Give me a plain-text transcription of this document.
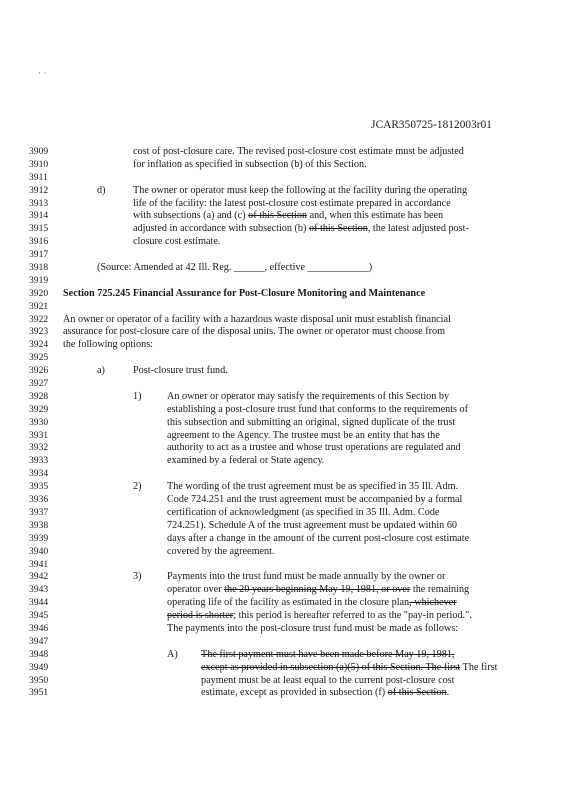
· ·
JCAR350725-1812003r01
3909	cost of post-closure care. The revised post-closure cost estimate must be adjusted
3910	for inflation as specified in subsection (b) of this Section.
3911
3912	d)	The owner or operator must keep the following at the facility during the operating
3913	life of the facility: the latest post-closure cost estimate prepared in accordance
3914	with subsections (a) and (c) of this Section and, when this estimate has been
3915	adjusted in accordance with subsection (b) of this Section, the latest adjusted post-
3916	closure cost estimate.
3917
3918	(Source: Amended at 42 Ill. Reg. ______, effective ____________)
3919
3920	Section 725.245 Financial Assurance for Post-Closure Monitoring and Maintenance
3921
3922	An owner or operator of a facility with a hazardous waste disposal unit must establish financial
3923	assurance for post-closure care of the disposal units. The owner or operator must choose from
3924	the following options:
3925
3926	a)	Post-closure trust fund.
3927
3928	1)	An owner or operator may satisfy the requirements of this Section by
3929	establishing a post-closure trust fund that conforms to the requirements of
3930	this subsection and submitting an original, signed duplicate of the trust
3931	agreement to the Agency. The trustee must be an entity that has the
3932	authority to act as a trustee and whose trust operations are regulated and
3933	examined by a federal or State agency.
3934
3935	2)	The wording of the trust agreement must be as specified in 35 Ill. Adm.
3936	Code 724.251 and the trust agreement must be accompanied by a formal
3937	certification of acknowledgment (as specified in 35 Ill. Adm. Code
3938	724.251). Schedule A of the trust agreement must be updated within 60
3939	days after a change in the amount of the current post-closure cost estimate
3940	covered by the agreement.
3941
3942	3)	Payments into the trust fund must be made annually by the owner or
3943	operator over the 20 years beginning May 19, 1981, or over the remaining
3944	operating life of the facility as estimated in the closure plan, whichever
3945	period is shorter; this period is hereafter referred to as the "pay-in period.".
3946	The payments into the post-closure trust fund must be made as follows:
3947
3948	A) The first payment must have been made before May 19, 1981,
3949	except as provided in subsection (a)(5) of this Section. The first The first
3950	payment must be at least equal to the current post-closure cost
3951	estimate, except as provided in subsection (f) of this Section.
